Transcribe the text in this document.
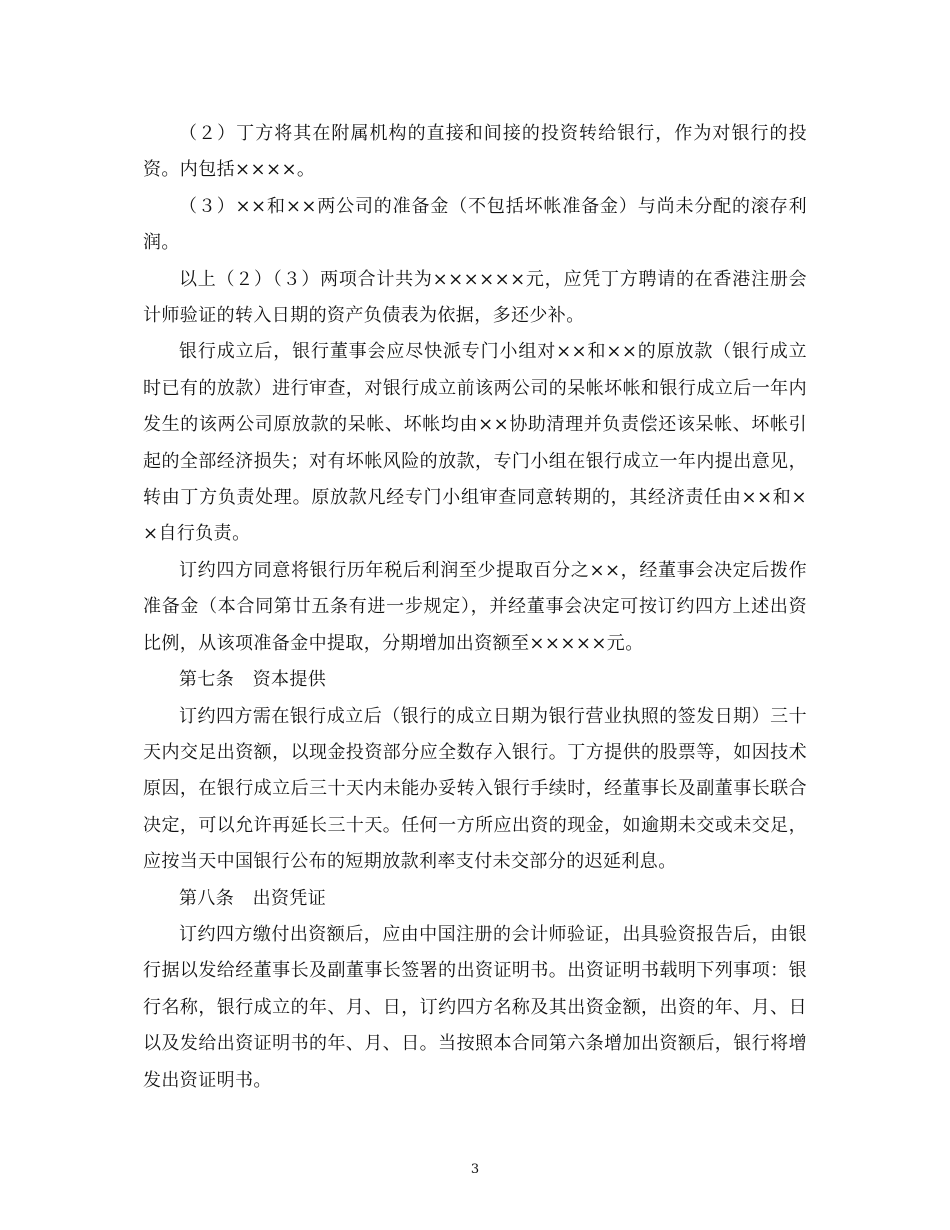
（２）丁方将其在附属机构的直接和间接的投资转给银行，作为对银行的投资。内包括××××。

（３）××和××两公司的准备金（不包括坏帐准备金）与尚未分配的滚存利润。

以上（２）（３）两项合计共为××××××元，应凭丁方聘请的在香港注册会计师验证的转入日期的资产负债表为依据，多还少补。

银行成立后，银行董事会应尽快派专门小组对××和××的原放款（银行成立时已有的放款）进行审查，对银行成立前该两公司的呆帐坏帐和银行成立后一年内发生的该两公司原放款的呆帐、坏帐均由××协助清理并负责偿还该呆帐、坏帐引起的全部经济损失；对有坏帐风险的放款，专门小组在银行成立一年内提出意见，转由丁方负责处理。原放款凡经专门小组审查同意转期的，其经济责任由××和××自行负责。

订约四方同意将银行历年税后利润至少提取百分之××，经董事会决定后拨作准备金（本合同第廿五条有进一步规定），并经董事会决定可按订约四方上述出资比例，从该项准备金中提取，分期增加出资额至×××××元。

第七条　资本提供

订约四方需在银行成立后（银行的成立日期为银行营业执照的签发日期）三十天内交足出资额，以现金投资部分应全数存入银行。丁方提供的股票等，如因技术原因，在银行成立后三十天内未能办妥转入银行手续时，经董事长及副董事长联合决定，可以允许再延长三十天。任何一方所应出资的现金，如逾期未交或未交足，应按当天中国银行公布的短期放款利率支付未交部分的迟延利息。

第八条　出资凭证

订约四方缴付出资额后，应由中国注册的会计师验证，出具验资报告后，由银行据以发给经董事长及副董事长签署的出资证明书。出资证明书载明下列事项：银行名称，银行成立的年、月、日，订约四方名称及其出资金额，出资的年、月、日以及发给出资证明书的年、月、日。当按照本合同第六条增加出资额后，银行将增发出资证明书。

3
